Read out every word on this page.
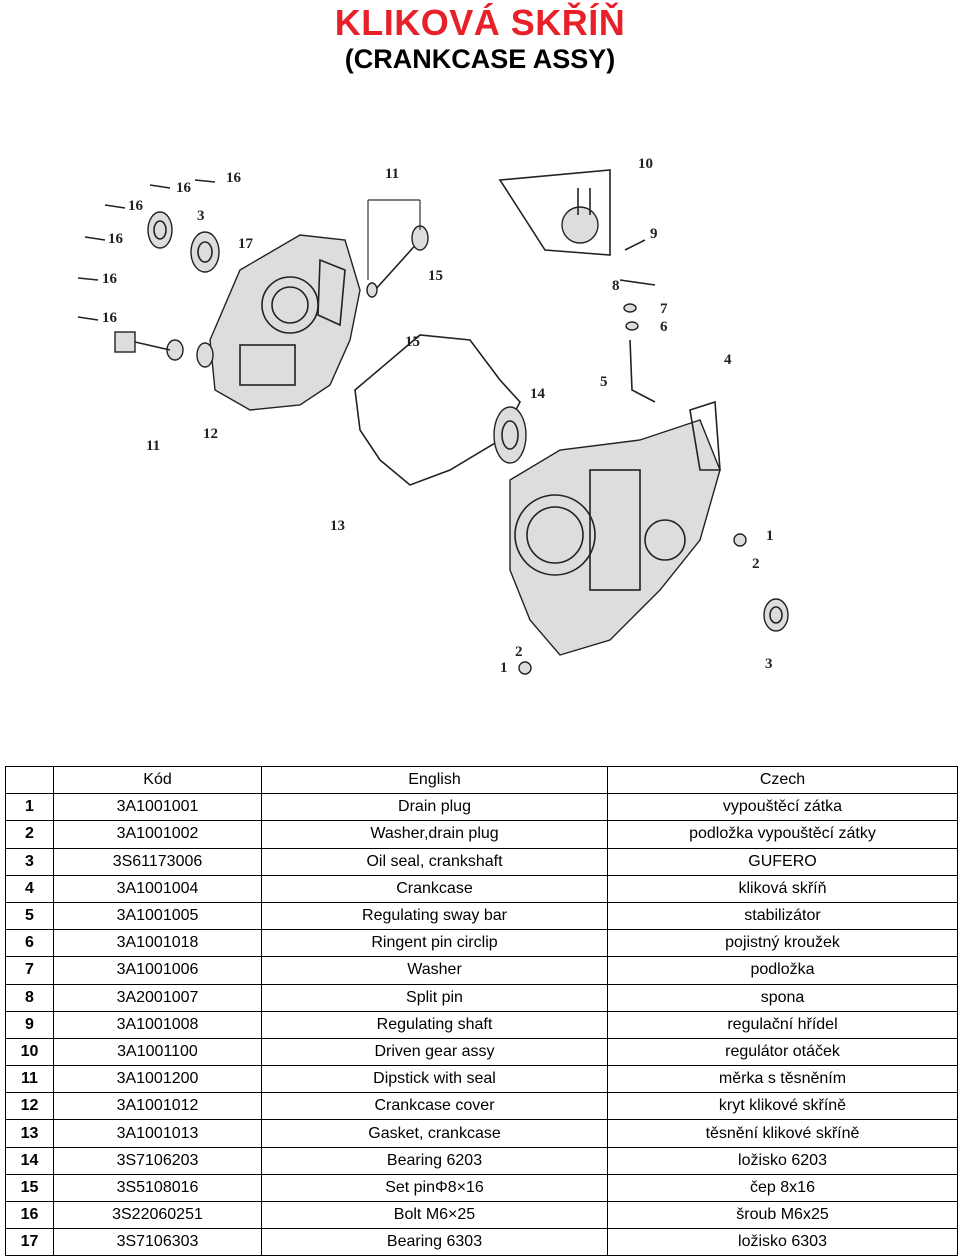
KLIKOVÁ SKŘÍŇ
(CRANKCASE ASSY)
16
16
16
16
16
16
3
17
11
15
15
11
12
14
13
10
9
8
7
6
5
4
1
2
3
2
1
	Kód	English	Czech
1	3A1001001	Drain plug	vypouštěcí zátka
2	3A1001002	Washer,drain plug	podložka vypouštěcí zátky
3	3S61173006	Oil seal, crankshaft	GUFERO
4	3A1001004	Crankcase	kliková skříň
5	3A1001005	Regulating sway bar	stabilizátor
6	3A1001018	Ringent pin circlip	pojistný kroužek
7	3A1001006	Washer	podložka
8	3A2001007	Split pin	spona
9	3A1001008	Regulating shaft	regulační hřídel
10	3A1001100	Driven gear assy	regulátor otáček
11	3A1001200	Dipstick with seal	měrka s těsněním
12	3A1001012	Crankcase cover	kryt klikové skříně
13	3A1001013	Gasket, crankcase	těsnění klikové skříně
14	3S7106203	Bearing 6203	ložisko 6203
15	3S5108016	Set pinΦ8×16	čep 8x16
16	3S22060251	Bolt M6×25	šroub M6x25
17	3S7106303	Bearing 6303	ložisko 6303
